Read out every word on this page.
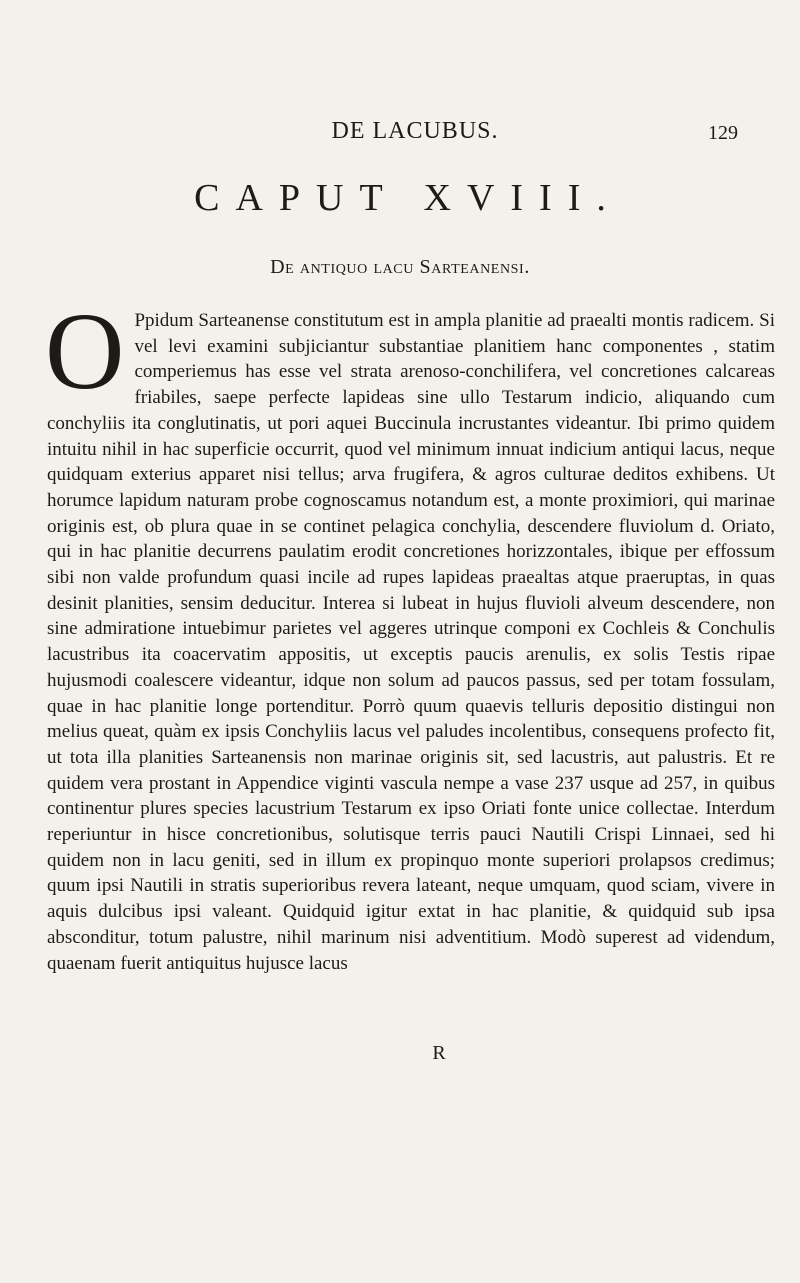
DE LACUBUS.	129
CAPUT XVIII.
De antiquo lacu Sarteanensi.
O Ppidum Sarteanense constitutum est in ampla planitie ad praealti montis radicem. Si vel levi examini subjiciantur substantiae planitiem hanc componentes , statim comperiemus has esse vel strata arenoso-conchilifera, vel concretiones calcareas friabiles, saepe perfecte lapideas sine ullo Testarum indicio, aliquando cum conchyliis ita conglutinatis, ut pori aquei Buccinula incrustantes videantur. Ibi primo quidem intuitu nihil in hac superficie occurrit, quod vel minimum innuat indicium antiqui lacus, neque quidquam exterius apparet nisi tellus; arva frugifera, & agros culturae deditos exhibens. Ut horumce lapidum naturam probe cognoscamus notandum est, a monte proximiori, qui marinae originis est, ob plura quae in se continet pelagica conchylia, descendere fluviolum d. Oriato, qui in hac planitie decurrens paulatim erodit concretiones horizzontales, ibique per effossum sibi non valde profundum quasi incile ad rupes lapideas praealtas atque praeruptas, in quas desinit planities, sensim deducitur. Interea si lubeat in hujus fluvioli alveum descendere, non sine admiratione intuebimur parietes vel aggeres utrinque componi ex Cochleis & Conchulis lacustribus ita coacervatim appositis, ut exceptis paucis arenulis, ex solis Testis ripae hujusmodi coalescere videantur, idque non solum ad paucos passus, sed per totam fossulam, quae in hac planitie longe portenditur. Porrò quum quaevis telluris depositio distingui non melius queat, quàm ex ipsis Conchyliis lacus vel paludes incolentibus, consequens profecto fit, ut tota illa planities Sarteanensis non marinae originis sit, sed lacustris, aut palustris. Et re quidem vera prostant in Appendice viginti vascula nempe a vase 237 usque ad 257, in quibus continentur plures species lacustrium Testarum ex ipso Oriati fonte unice collectae. Interdum reperiuntur in hisce concretionibus, solutisque terris pauci Nautili Crispi Linnaei, sed hi quidem non in lacu geniti, sed in illum ex propinquo monte superiori prolapsos credimus; quum ipsi Nautili in stratis superioribus revera lateant, neque umquam, quod sciam, vivere in aquis dulcibus ipsi valeant. Quidquid igitur extat in hac planitie, & quidquid sub ipsa absconditur, totum palustre, nihil marinum nisi adventitium. Modò superest ad videndum, quaenam fuerit antiquitus hujusce lacus
R
